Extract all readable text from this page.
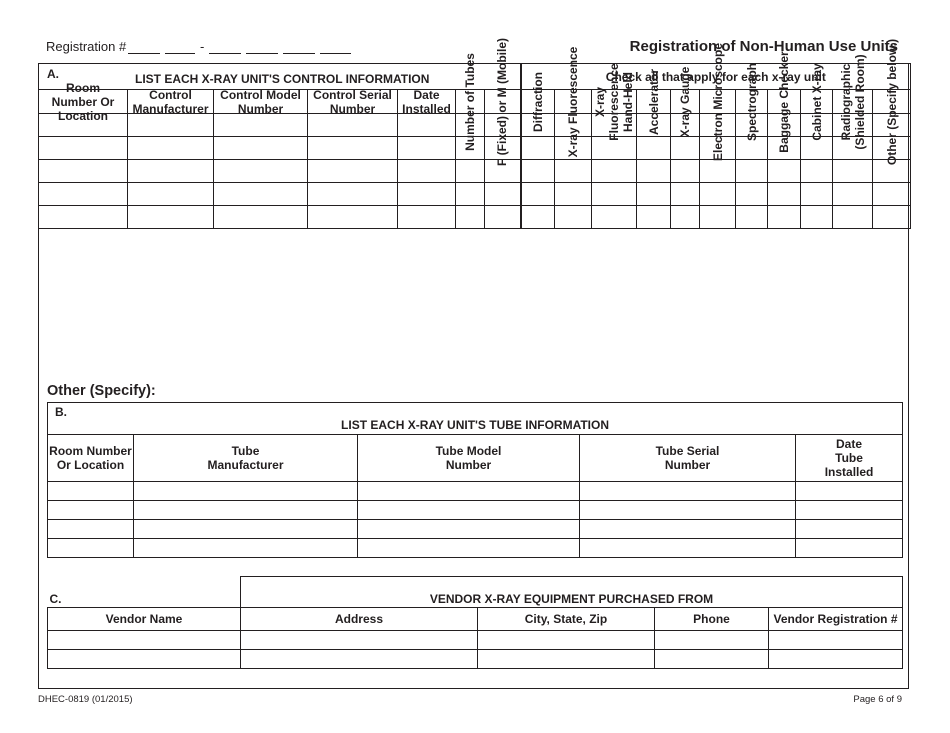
Registration #	-	Registration of Non-Human Use Units
A. LIST EACH X-RAY UNIT'S CONTROL INFORMATION							Check all that apply for each x-ray unit										

Room Number Or Location	Control Manufacturer	Control Model Number	Control Serial Number	Date Installed	Number of Tubes	F (Fixed) or M (Mobile)	Diffraction	X-ray Fluorescence	X-ray Fluorescence Hand-Held	Accelerator	X-ray Gauge	Electron Microscope	Spectrograph	Baggage Checker	Cabinet X-ray	Radiographic (Shielded Room)	Other (Specify below.)

Other (Specify):
B.
LIST EACH X-RAY UNIT'S TUBE INFORMATION				

Room Number Or Location	Tube Manufacturer	Tube Model Number	Tube Serial Number	Date Tube Installed

C.	VENDOR X-RAY EQUIPMENT PURCHASED FROM			
Vendor Name	Address	City, State, Zip	Phone	Vendor Registration #

DHEC-0819 (01/2015)	Page 6 of 9
